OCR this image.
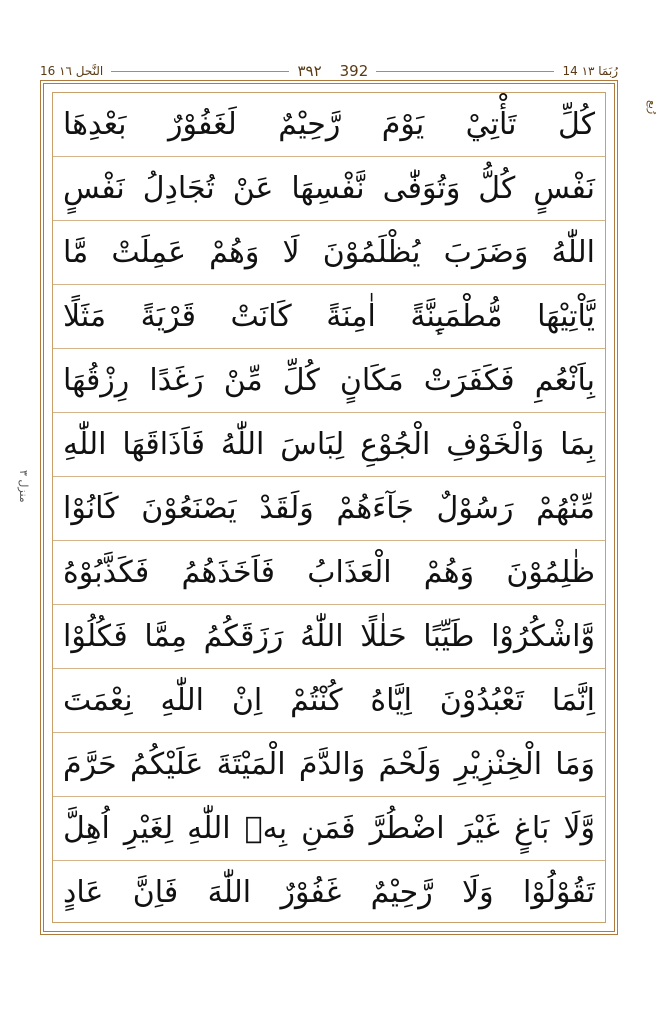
16 النَّحل ١٦	٣٩٢ 392	14 رُبَمَا ١٣
منزل ٣
رُبع
كُلِّ تَأْتِيْ يَوْمَ رَّحِيْمٌ لَغَفُوْرٌ بَعْدِهَا
نَفْسٍ كُلُّ وَتُوَفّٰى نَّفْسِهَا عَنْ تُجَادِلُ نَفْسٍ
اللّٰهُ وَضَرَبَ يُظْلَمُوْنَ لَا وَهُمْ عَمِلَتْ مَّا
يَّاْتِيْهَا مُّطْمَىِٕنَّةً اٰمِنَةً كَانَتْ قَرْيَةً مَثَلًا
بِاَنْعُمِ فَكَفَرَتْ مَكَانٍ كُلِّ مِّنْ رَغَدًا رِزْقُهَا
بِمَا وَالْخَوْفِ الْجُوْعِ لِبَاسَ اللّٰهُ فَاَذَاقَهَا اللّٰهِ
مِّنْهُمْ رَسُوْلٌ جَآءَهُمْ وَلَقَدْ يَصْنَعُوْنَ كَانُوْا
ظٰلِمُوْنَ وَهُمْ الْعَذَابُ فَاَخَذَهُمُ فَكَذَّبُوْهُ
وَّاشْكُرُوْا طَيِّبًا حَلٰلًا اللّٰهُ رَزَقَكُمُ مِمَّا فَكُلُوْا
اِنَّمَا تَعْبُدُوْنَ اِيَّاهُ كُنْتُمْ اِنْ اللّٰهِ نِعْمَتَ
وَمَا الْخِنْزِيْرِ وَلَحْمَ وَالدَّمَ الْمَيْتَةَ عَلَيْكُمُ حَرَّمَ
وَّلَا بَاغٍ غَيْرَ اضْطُرَّ فَمَنِ بِهٖ اللّٰهِ لِغَيْرِ اُهِلَّ
تَقُوْلُوْا وَلَا رَّحِيْمٌ غَفُوْرٌ اللّٰهَ فَاِنَّ عَادٍ
